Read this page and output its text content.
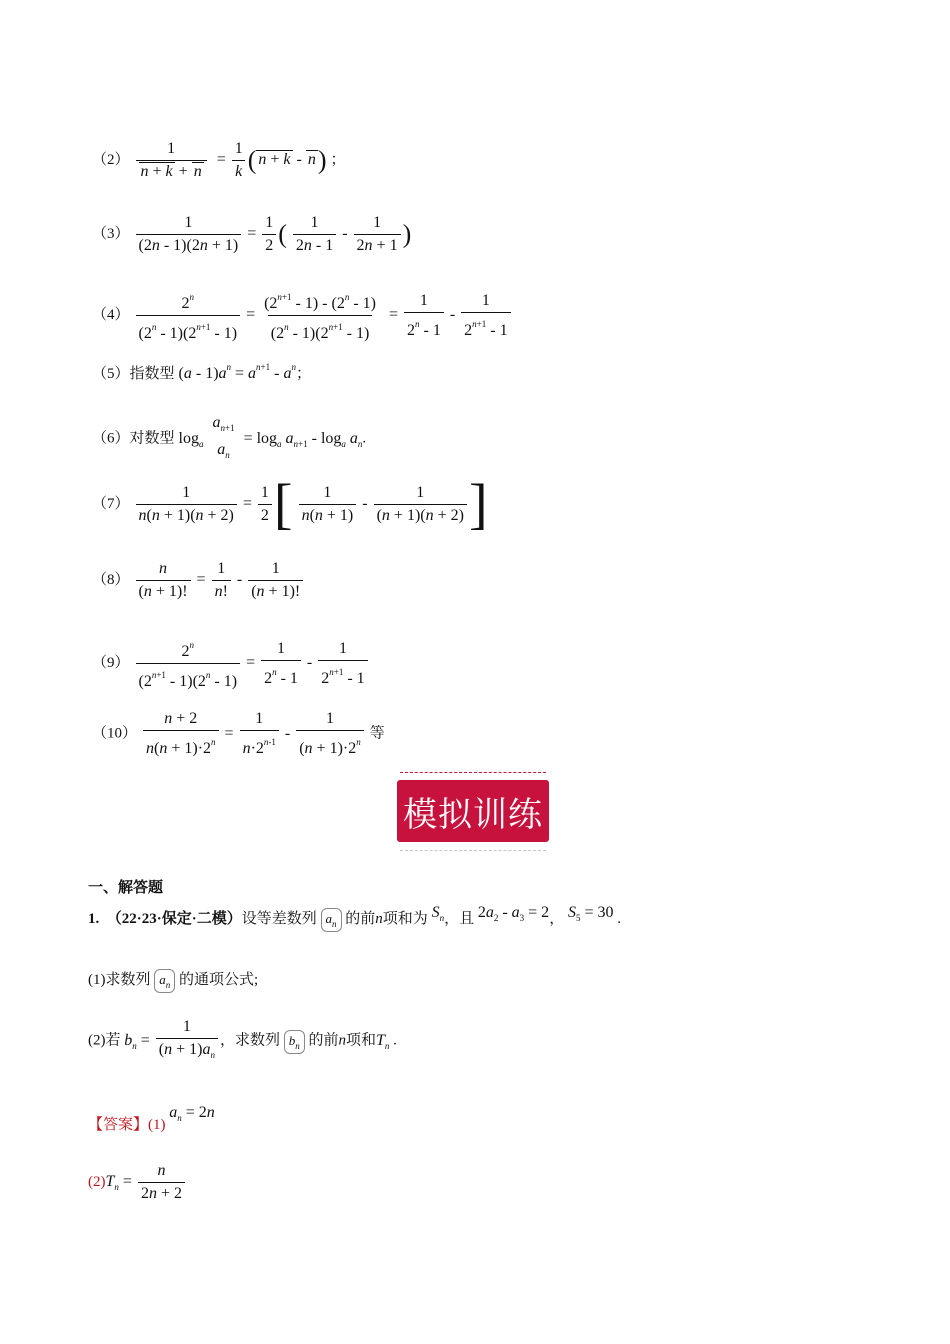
$(2) \frac{1}{n + k + n} = \frac{1}{k}$ ( n + k - n) ；
$(3) \frac{1}{(2n - 1)(2n + 1)} = \frac{1}{2}$ ( $\frac{1}{2n - 1} - \frac{1}{2n + 1}$ )
$(4) \frac{2^n}{(2^n - 1)(2^{n+1} - 1)} = \frac{(2^{n+1} - 1) - (2^n - 1)}{(2^n - 1)(2^{n+1} - 1)} = \frac{1}{2^n - 1} - \frac{1}{2^{n+1} - 1}$
（5）指数型 $(a - 1)a^n = a^{n+1} - a^n$；
（6）对数型 $\log_a$
$a_{n+1}$
$a_n$
= $\log_a a_{n+1} - \log_a a_n$.
$(7) \frac{1}{n(n + 1)(n + 2)} = \frac{1}{2}$ [ $\frac{1}{n(n + 1)} - \frac{1}{(n + 1)(n + 2)}$ ]
$(8) \frac{n}{(n + 1)!} = \frac{1}{n!} - \frac{1}{(n + 1)!}$
$(9) \frac{2^n}{(2^{n+1} - 1)(2^n - 1)} = \frac{1}{2^n - 1} - \frac{1}{2^{n+1} - 1}$
$(10) \frac{n + 2}{n(n + 1)\cdot 2^n} = \frac{1}{n\cdot 2^{n-1}} - \frac{1}{(n + 1)\cdot 2^n}$ 等
模拟训练
一、解答题
1. （22·23·保定·二模）设等差数列 $a_n$ 的前n项和为 $S_n$，且 $2a_2 - a_3 = 2$， $S_5 = 30$ .
(1)求数列 $a_n$ 的通项公式;
(2)若 $b_n = \frac{1}{(n + 1)a_n}$ ，求数列 $b_n$ 的前n项和$T_n$ .
【答案】(1) $a_n = 2n$
$(2)T_n = \frac{n}{2n + 2}$
